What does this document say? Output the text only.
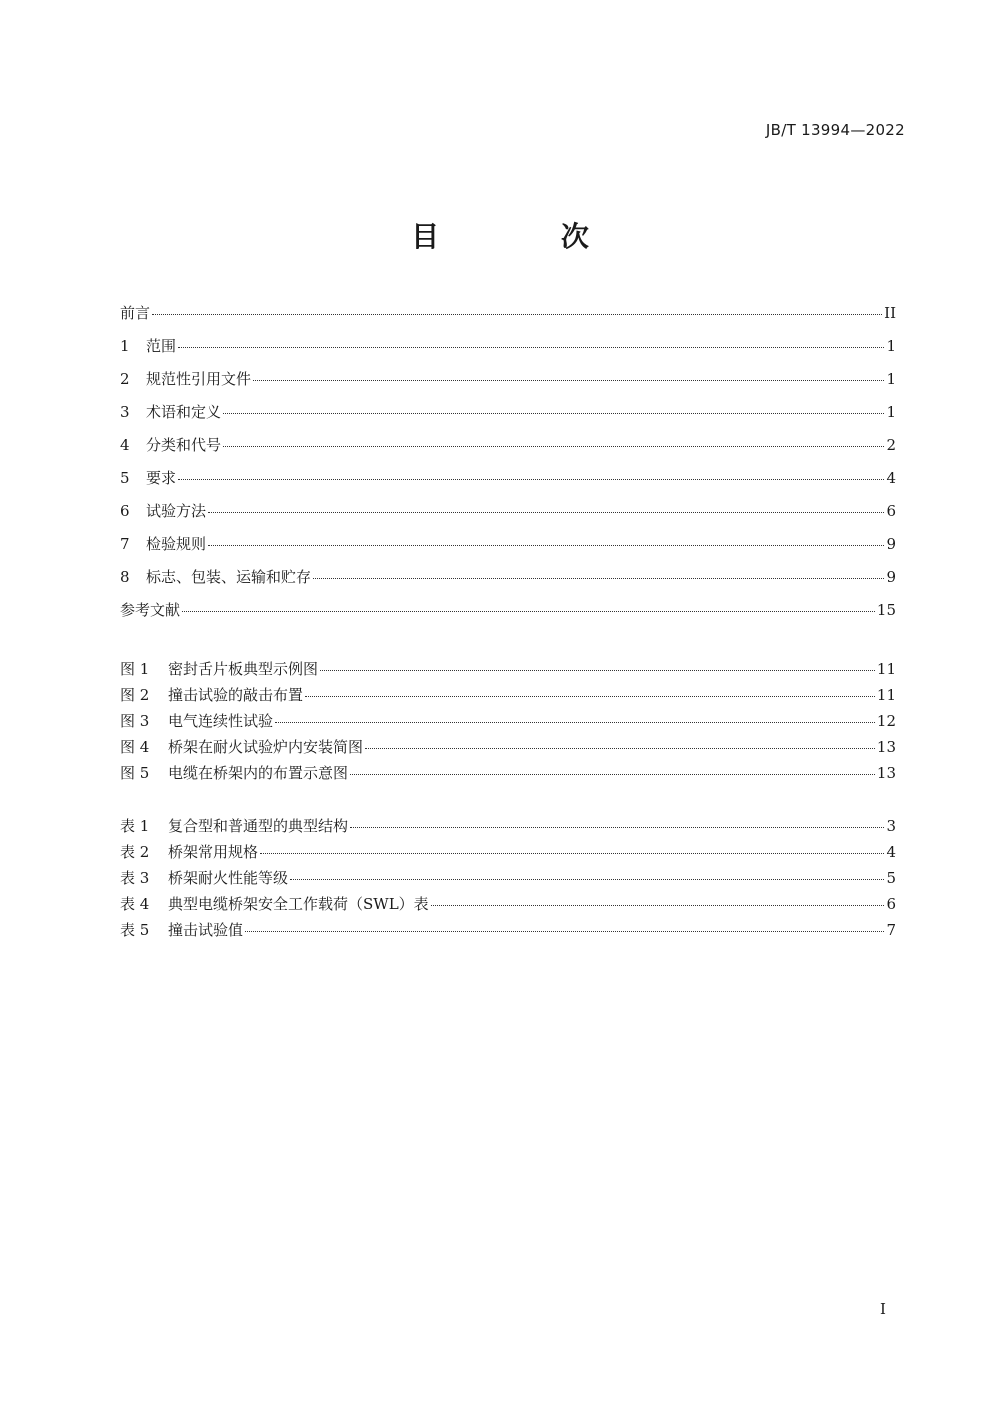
JB/T 13994—2022
目 次
前言	II
1	范围	1
2	规范性引用文件	1
3	术语和定义	1
4	分类和代号	2
5	要求	4
6	试验方法	6
7	检验规则	9
8	标志、包装、运输和贮存	9
参考文献	15
图 1	密封舌片板典型示例图	11
图 2	撞击试验的敲击布置	11
图 3	电气连续性试验	12
图 4	桥架在耐火试验炉内安装简图	13
图 5	电缆在桥架内的布置示意图	13
表 1	复合型和普通型的典型结构	3
表 2	桥架常用规格	4
表 3	桥架耐火性能等级	5
表 4	典型电缆桥架安全工作载荷（SWL）表	6
表 5	撞击试验值	7
I
